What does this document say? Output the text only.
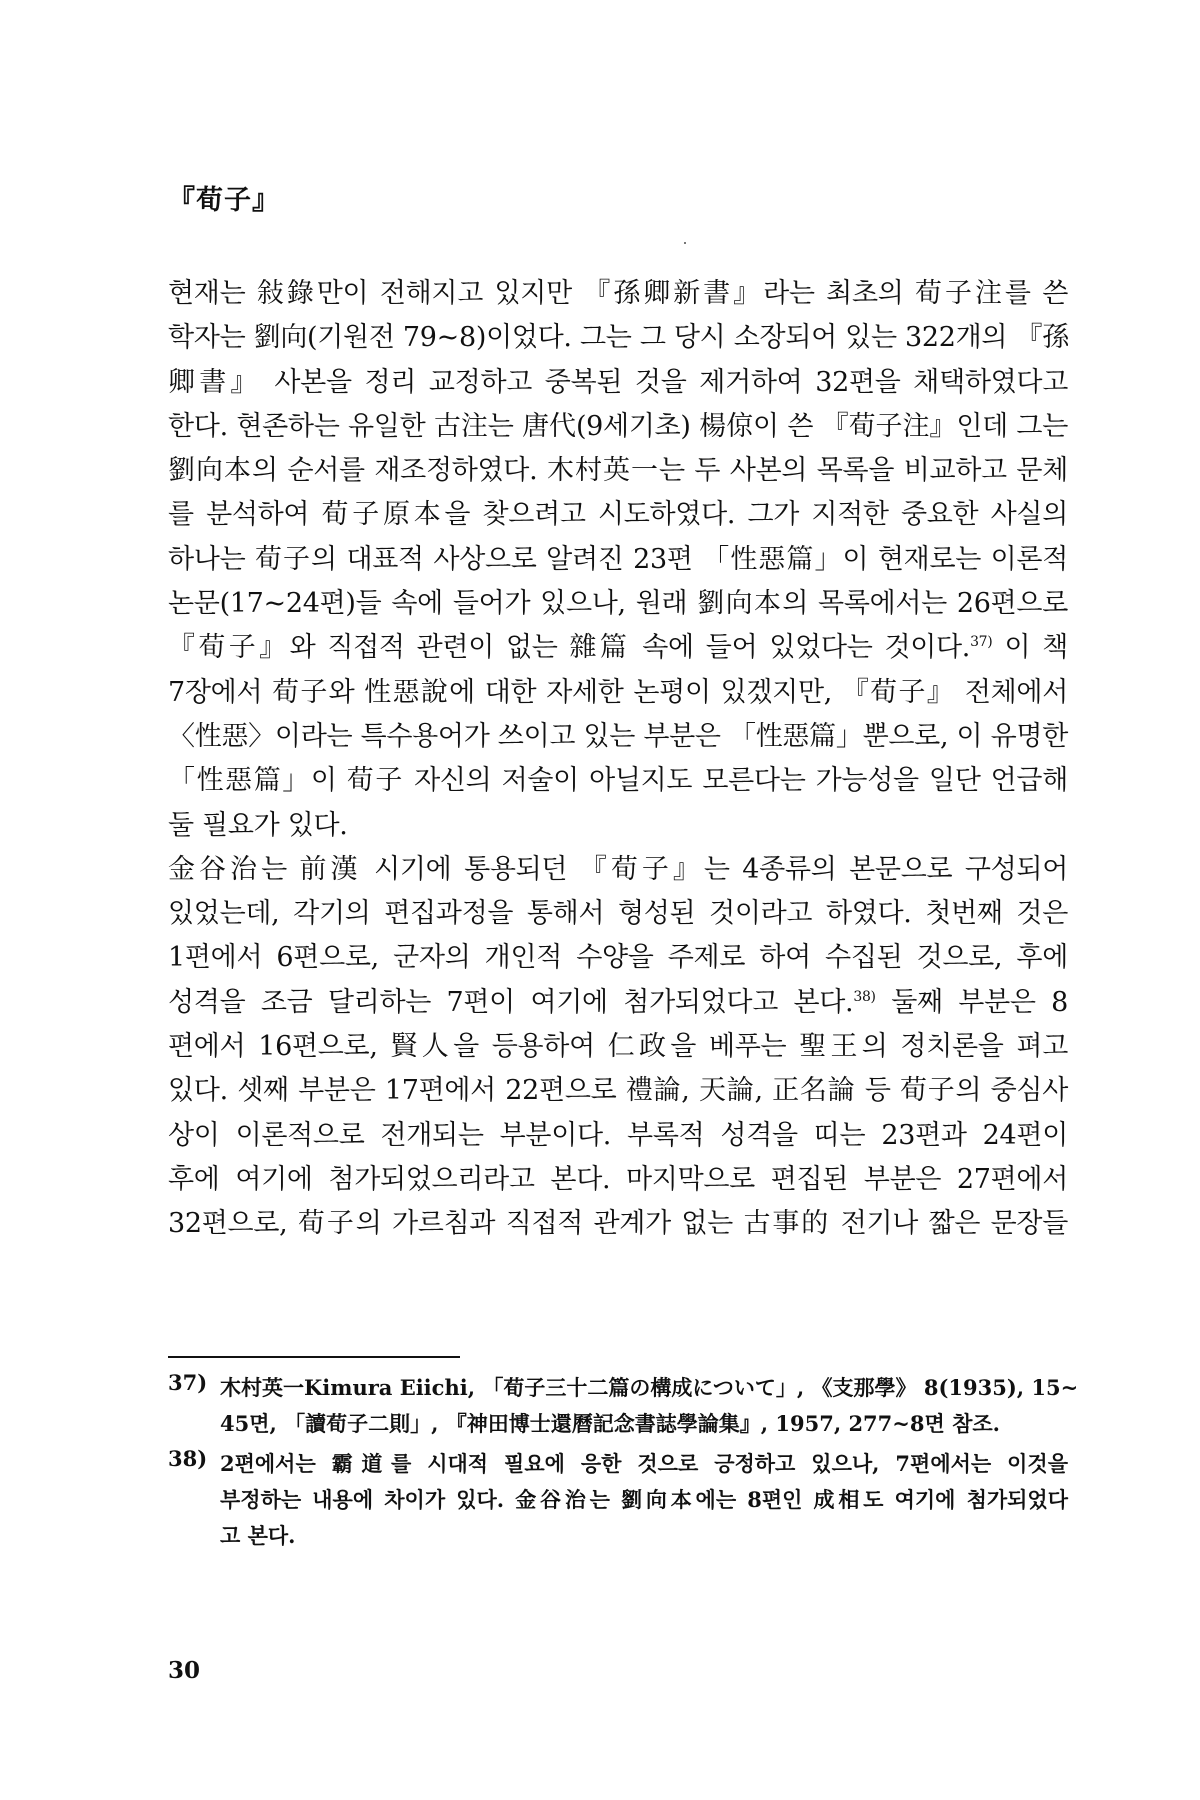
『荀子』
현재는 敍錄만이 전해지고 있지만 『孫卿新書』라는 최초의 荀子注를 쓴
학자는 劉向(기원전 79~8)이었다. 그는 그 당시 소장되어 있는 322개의 『孫
卿書』 사본을 정리 교정하고 중복된 것을 제거하여 32편을 채택하였다고
한다. 현존하는 유일한 古注는 唐代(9세기초) 楊倞이 쓴 『荀子注』인데 그는
劉向本의 순서를 재조정하였다. 木村英一는 두 사본의 목록을 비교하고 문체
를 분석하여 荀子原本을 찾으려고 시도하였다. 그가 지적한 중요한 사실의
하나는 荀子의 대표적 사상으로 알려진 23편 「性惡篇」이 현재로는 이론적
논문(17~24편)들 속에 들어가 있으나, 원래 劉向本의 목록에서는 26편으로
『荀子』와 직접적 관련이 없는 雜篇 속에 들어 있었다는 것이다.$^{37)}$ 이 책
7장에서 荀子와 性惡說에 대한 자세한 논평이 있겠지만, 『荀子』 전체에서
〈性惡〉이라는 특수용어가 쓰이고 있는 부분은 「性惡篇」뿐으로, 이 유명한
「性惡篇」이 荀子 자신의 저술이 아닐지도 모른다는 가능성을 일단 언급해
둘 필요가 있다.
金谷治는 前漢 시기에 통용되던 『荀子』는 4종류의 본문으로 구성되어
있었는데, 각기의 편집과정을 통해서 형성된 것이라고 하였다. 첫번째 것은
1편에서 6편으로, 군자의 개인적 수양을 주제로 하여 수집된 것으로, 후에
성격을 조금 달리하는 7편이 여기에 첨가되었다고 본다.$^{38)}$ 둘째 부분은 8
편에서 16편으로, 賢人을 등용하여 仁政을 베푸는 聖王의 정치론을 펴고
있다. 셋째 부분은 17편에서 22편으로 禮論, 天論, 正名論 등 荀子의 중심사
상이 이론적으로 전개되는 부분이다. 부록적 성격을 띠는 23편과 24편이
후에 여기에 첨가되었으리라고 본다. 마지막으로 편집된 부분은 27편에서
32편으로, 荀子의 가르침과 직접적 관계가 없는 古事的 전기나 짧은 문장들
37) 木村英一Kimura Eiichi, 「荀子三十二篇の構成について」, 《支那學》 8(1935), 15~
45면, 「讀荀子二則」, 『神田博士還曆記念書誌學論集』, 1957, 277~8면 참조.
38) 2편에서는 霸道를 시대적 필요에 응한 것으로 긍정하고 있으나, 7편에서는 이것을
부정하는 내용에 차이가 있다. 金谷治는 劉向本에는 8편인 成相도 여기에 첨가되었다
고 본다.

30
